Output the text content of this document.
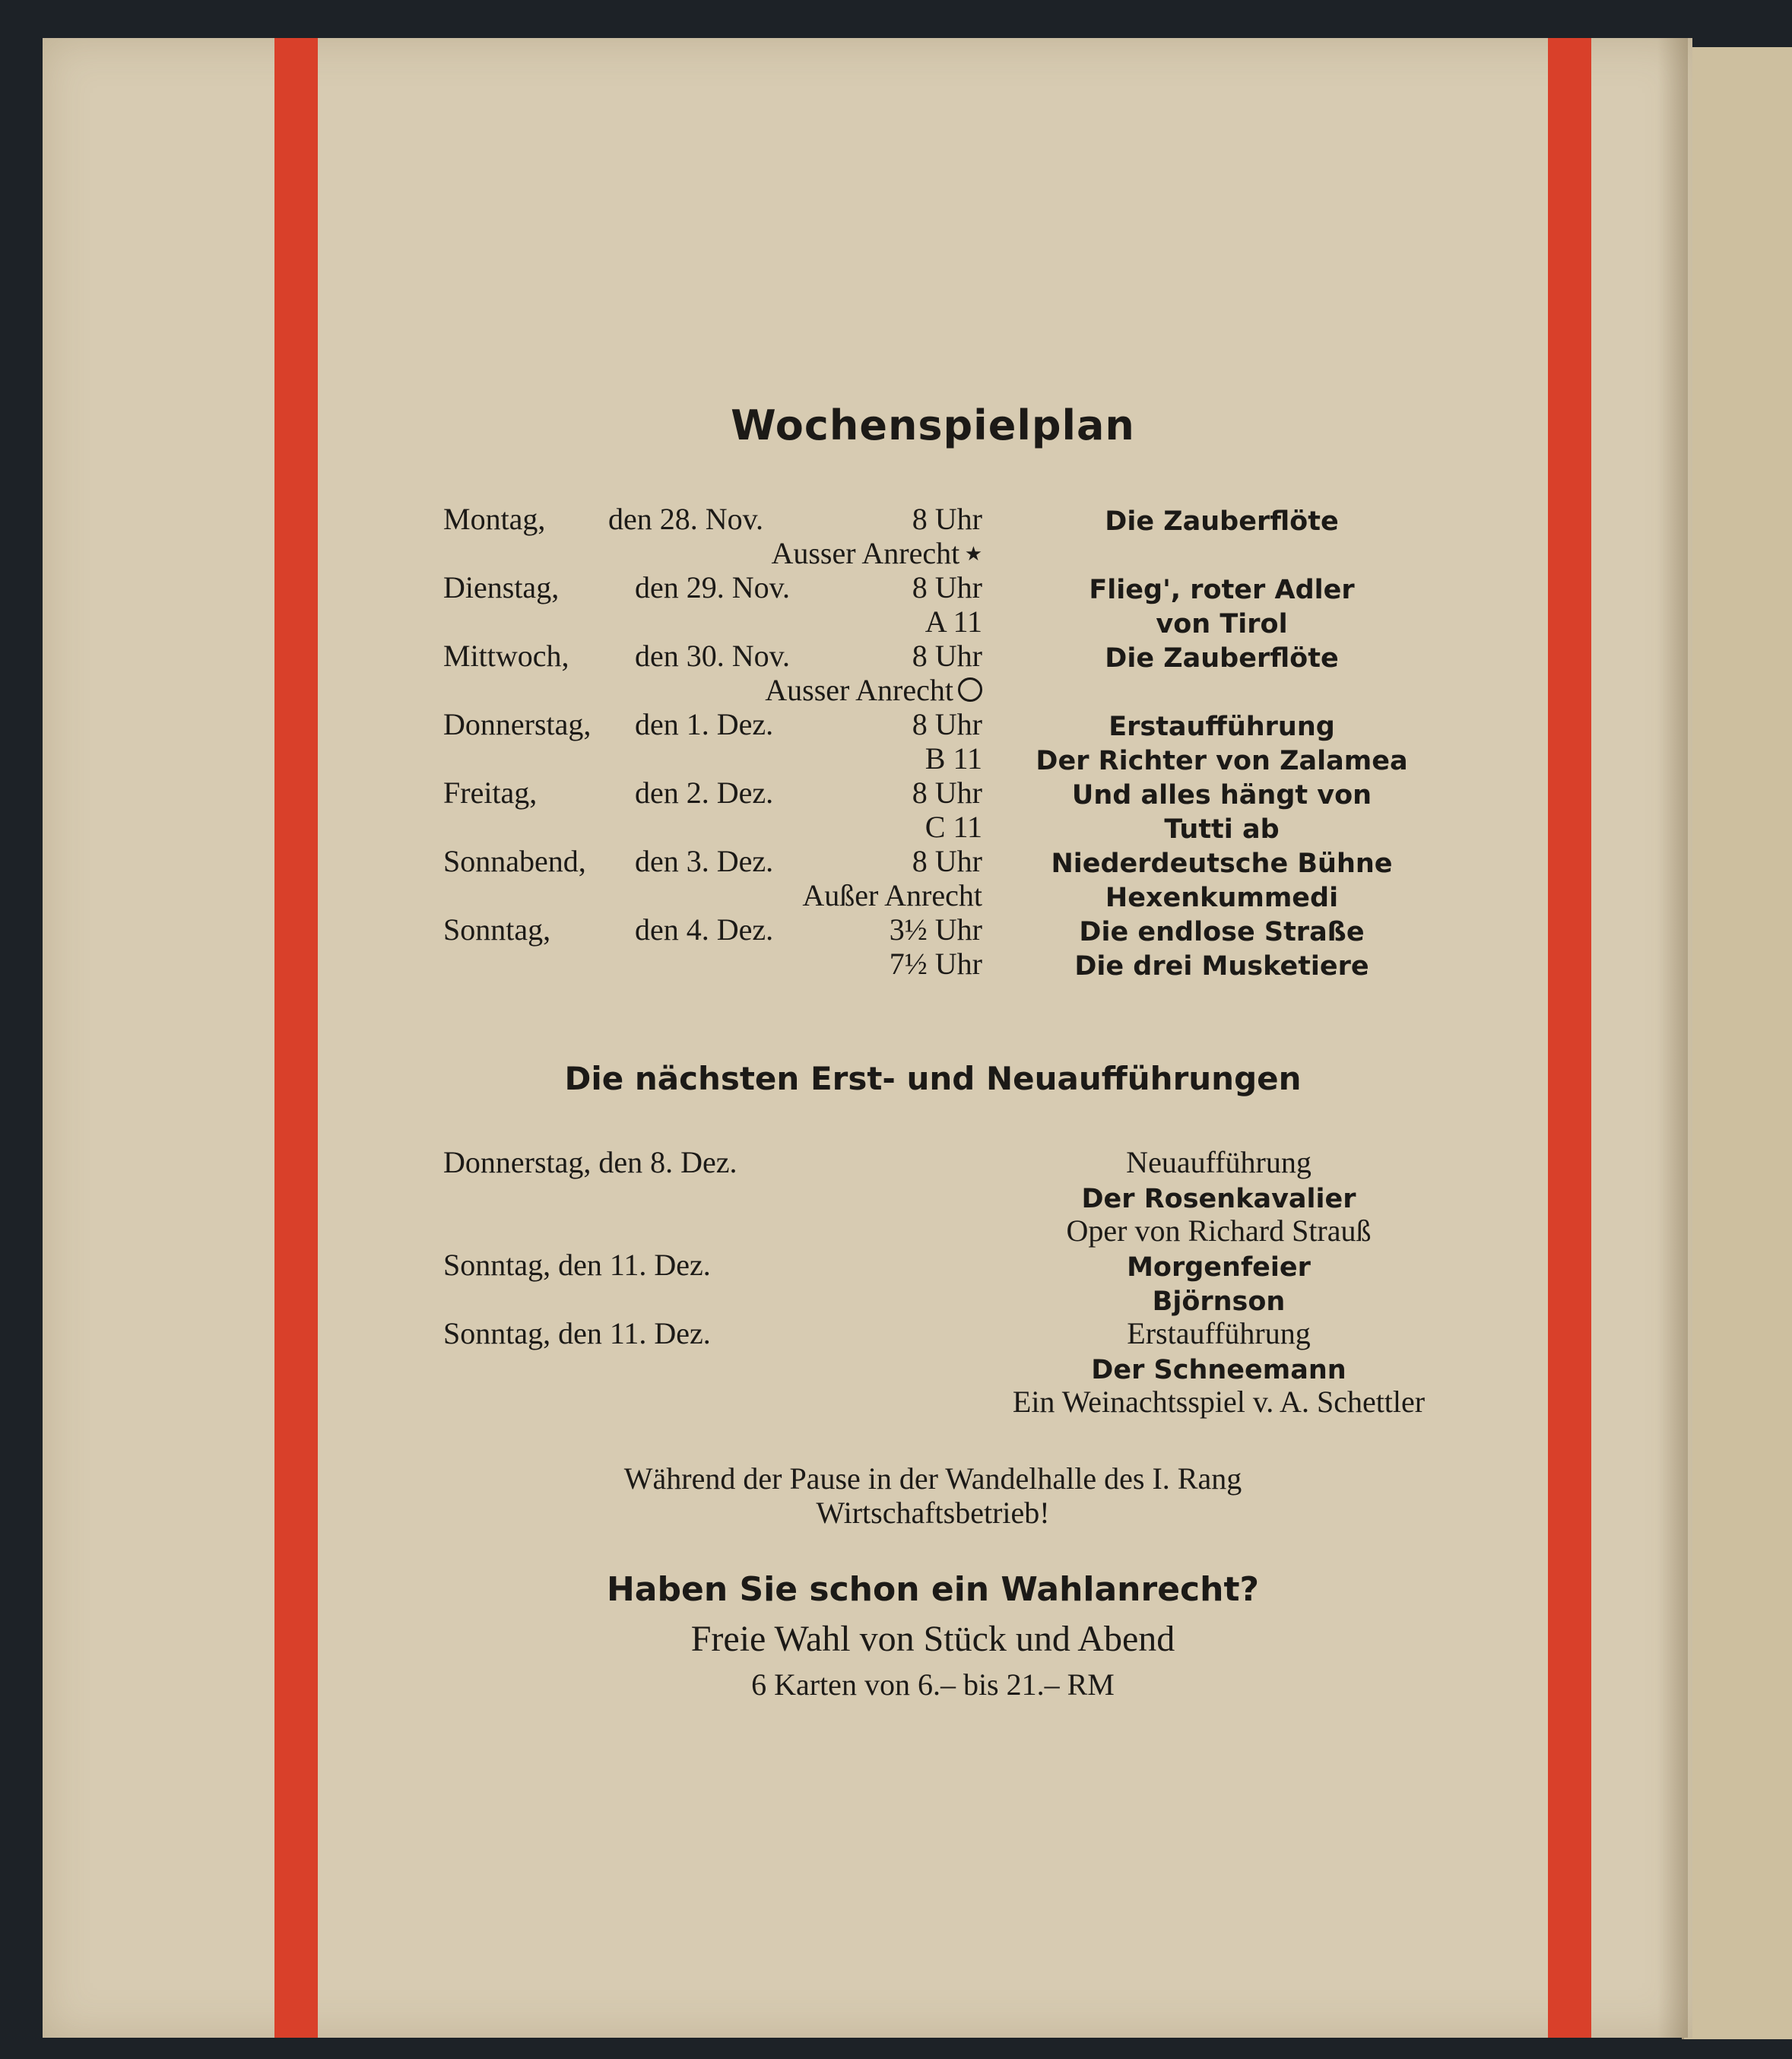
Wochenspielplan
Montag, den 28. Nov.	8 Uhr	Die Zauberflöte
Ausser Anrecht ★
Dienstag, den 29. Nov.	8 Uhr	Flieg', roter Adler
A 11	von Tirol
Mittwoch, den 30. Nov.	8 Uhr	Die Zauberflöte
Ausser Anrecht
Donnerstag, den 1. Dez.	8 Uhr	Erstaufführung
B 11 Der Richter von Zalamea
Freitag,	den 2. Dez.	8 Uhr	Und alles hängt von
C 11	Tutti ab
Sonnabend, den 3. Dez.	8 Uhr	Niederdeutsche Bühne
Außer Anrecht	Hexenkummedi
Sonntag,	den 4. Dez.	3½ Uhr	Die endlose Straße
7½ Uhr	Die drei Musketiere
Die nächsten Erst- und Neuaufführungen
Donnerstag, den 8. Dez.	Neuaufführung
Der Rosenkavalier
Oper von Richard Strauß
Sonntag, den 11. Dez.	Morgenfeier
Björnson
Sonntag, den 11. Dez.	Erstaufführung
Der Schneemann
Ein Weinachtsspiel v. A. Schettler
Während der Pause in der Wandelhalle des I. Rang
Wirtschaftsbetrieb!
Haben Sie schon ein Wahlanrecht?
Freie Wahl von Stück und Abend
6 Karten von 6.– bis 21.– RM
